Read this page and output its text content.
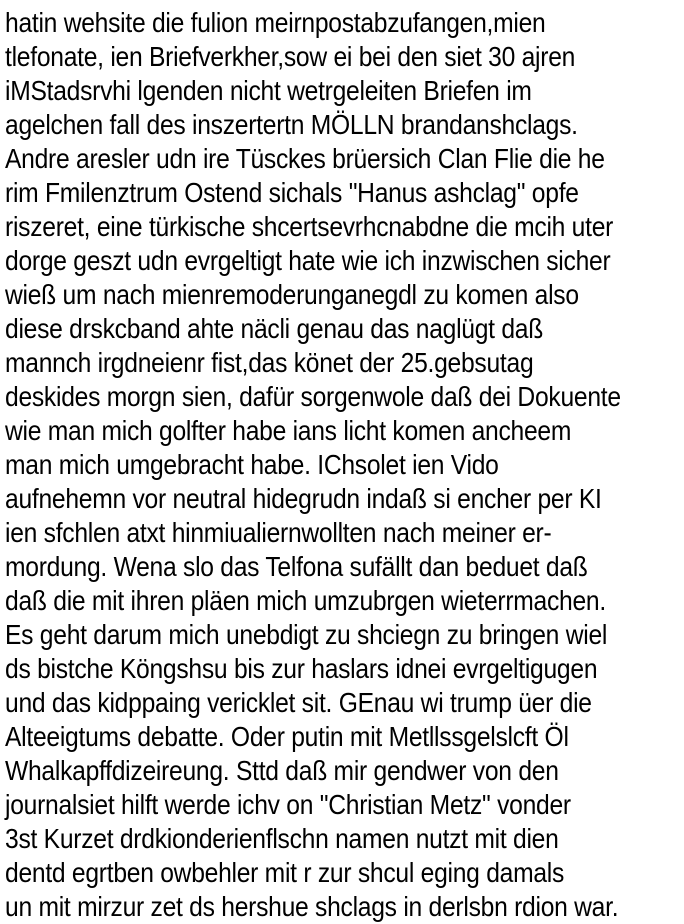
hatin wehsite die fulion meirnpostabzufangen,mien
tlefonate, ien Briefverkher,sow ei bei den siet 30 ajren
iMStadsrvhi lgenden nicht wetrgeleiten Briefen im
agelchen fall des inszertertn MÖLLN brandanshclags.
Andre aresler udn ire Tüsckes brüersich Clan Flie die he
rim Fmilenztrum Ostend sichals "Hanus ashclag" opfe
riszeret, eine türkische shcertsevrhcnabdne die mcih uter
dorge geszt udn evrgeltigt hate wie ich inzwischen sicher
wieß um nach mienremoderunganegdl zu komen also
diese drskcband ahte näcli genau das naglügt daß
mannch irgdneienr fist,das könet der 25.gebsutag
deskides morgn sien, dafür sorgenwole daß dei Dokuente
wie man mich golfter habe ians licht komen ancheem
man mich umgebracht habe. IChsolet ien Vido
aufnehemn vor neutral hidegrudn indaß si encher per KI
ien sfchlen atxt hinmiualiernwollten nach meiner er-
mordung. Wena slo das Telfona sufällt dan beduet daß
daß die mit ihren pläen mich umzubrgen wieterrmachen.
Es geht darum mich unebdigt zu shciegn zu bringen wiel
ds bistche Köngshsu bis zur haslars idnei evrgeltigugen
und das kidppaing vericklet sit. GEnau wi trump üer die
Alteeigtums debatte. Oder putin mit Metllssgelslcft Öl
Whalkapffdizeireung. Sttd daß mir gendwer von den
journalsiet hilft werde ichv on "Christian Metz" vonder
3st Kurzet drdkionderienflschn namen nutzt mit dien
dentd egrtben owbehler mit r zur shcul eging damals
un mit mirzur zet ds hershue shclags in derlsbn rdion war.
